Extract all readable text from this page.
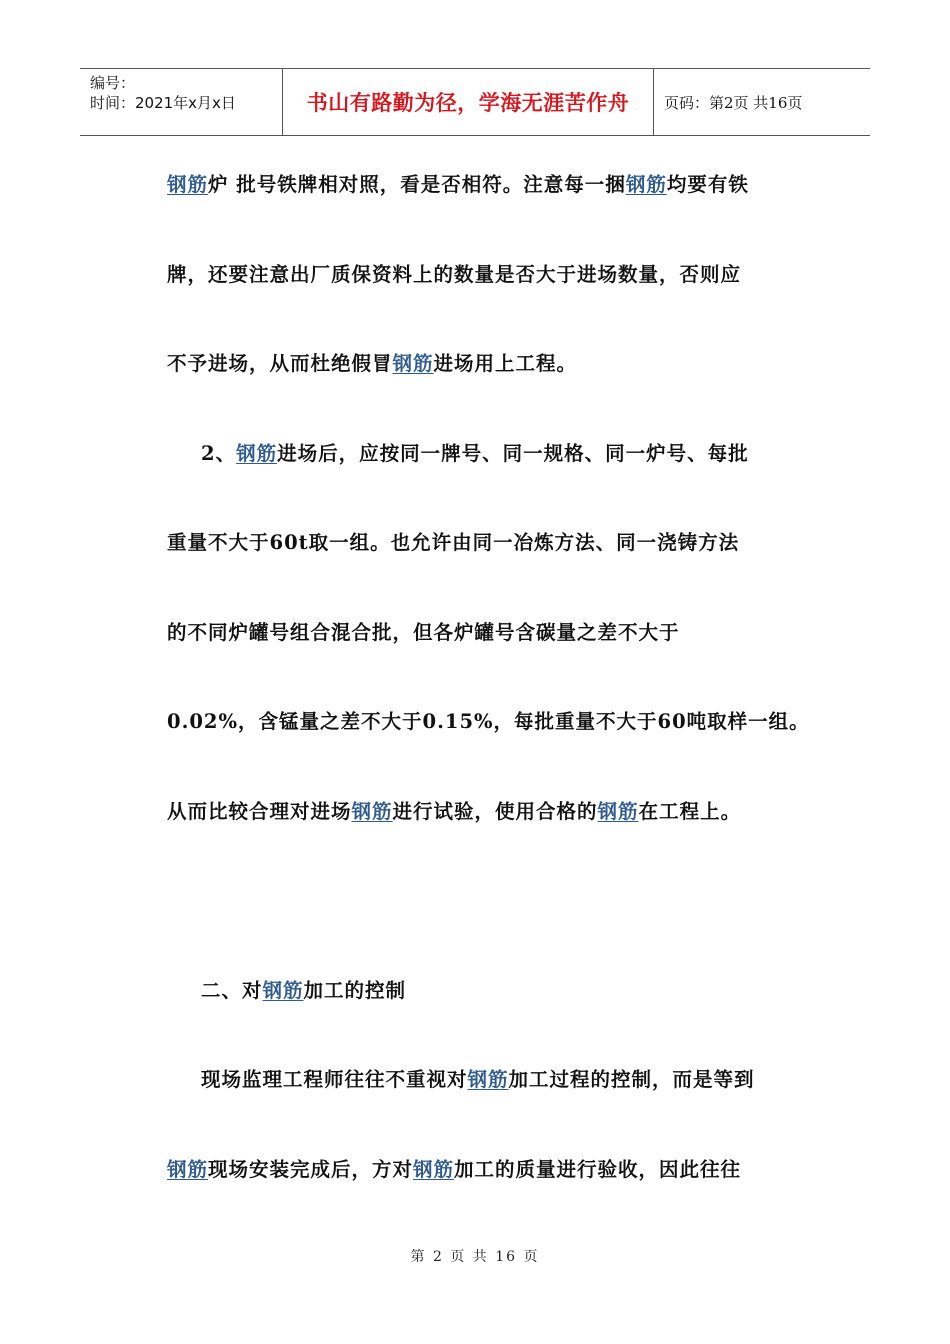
编号：
时间：2021年x月x日	书山有路勤为径，学海无涯苦作舟	页码：第2页 共16页
钢筋炉 批号铁牌相对照，看是否相符。注意每一捆钢筋均要有铁
牌，还要注意出厂质保资料上的数量是否大于进场数量，否则应
不予进场，从而杜绝假冒钢筋进场用上工程。
2、钢筋进场后，应按同一牌号、同一规格、同一炉号、每批
重量不大于60t取一组。也允许由同一冶炼方法、同一浇铸方法
的不同炉罐号组合混合批，但各炉罐号含碳量之差不大于
0.02%，含锰量之差不大于0.15%，每批重量不大于60吨取样一组。
从而比较合理对进场钢筋进行试验，使用合格的钢筋在工程上。
二、对钢筋加工的控制
现场监理工程师往往不重视对钢筋加工过程的控制，而是等到
钢筋现场安装完成后，方对钢筋加工的质量进行验收，因此往往
第 2 页 共 16 页
